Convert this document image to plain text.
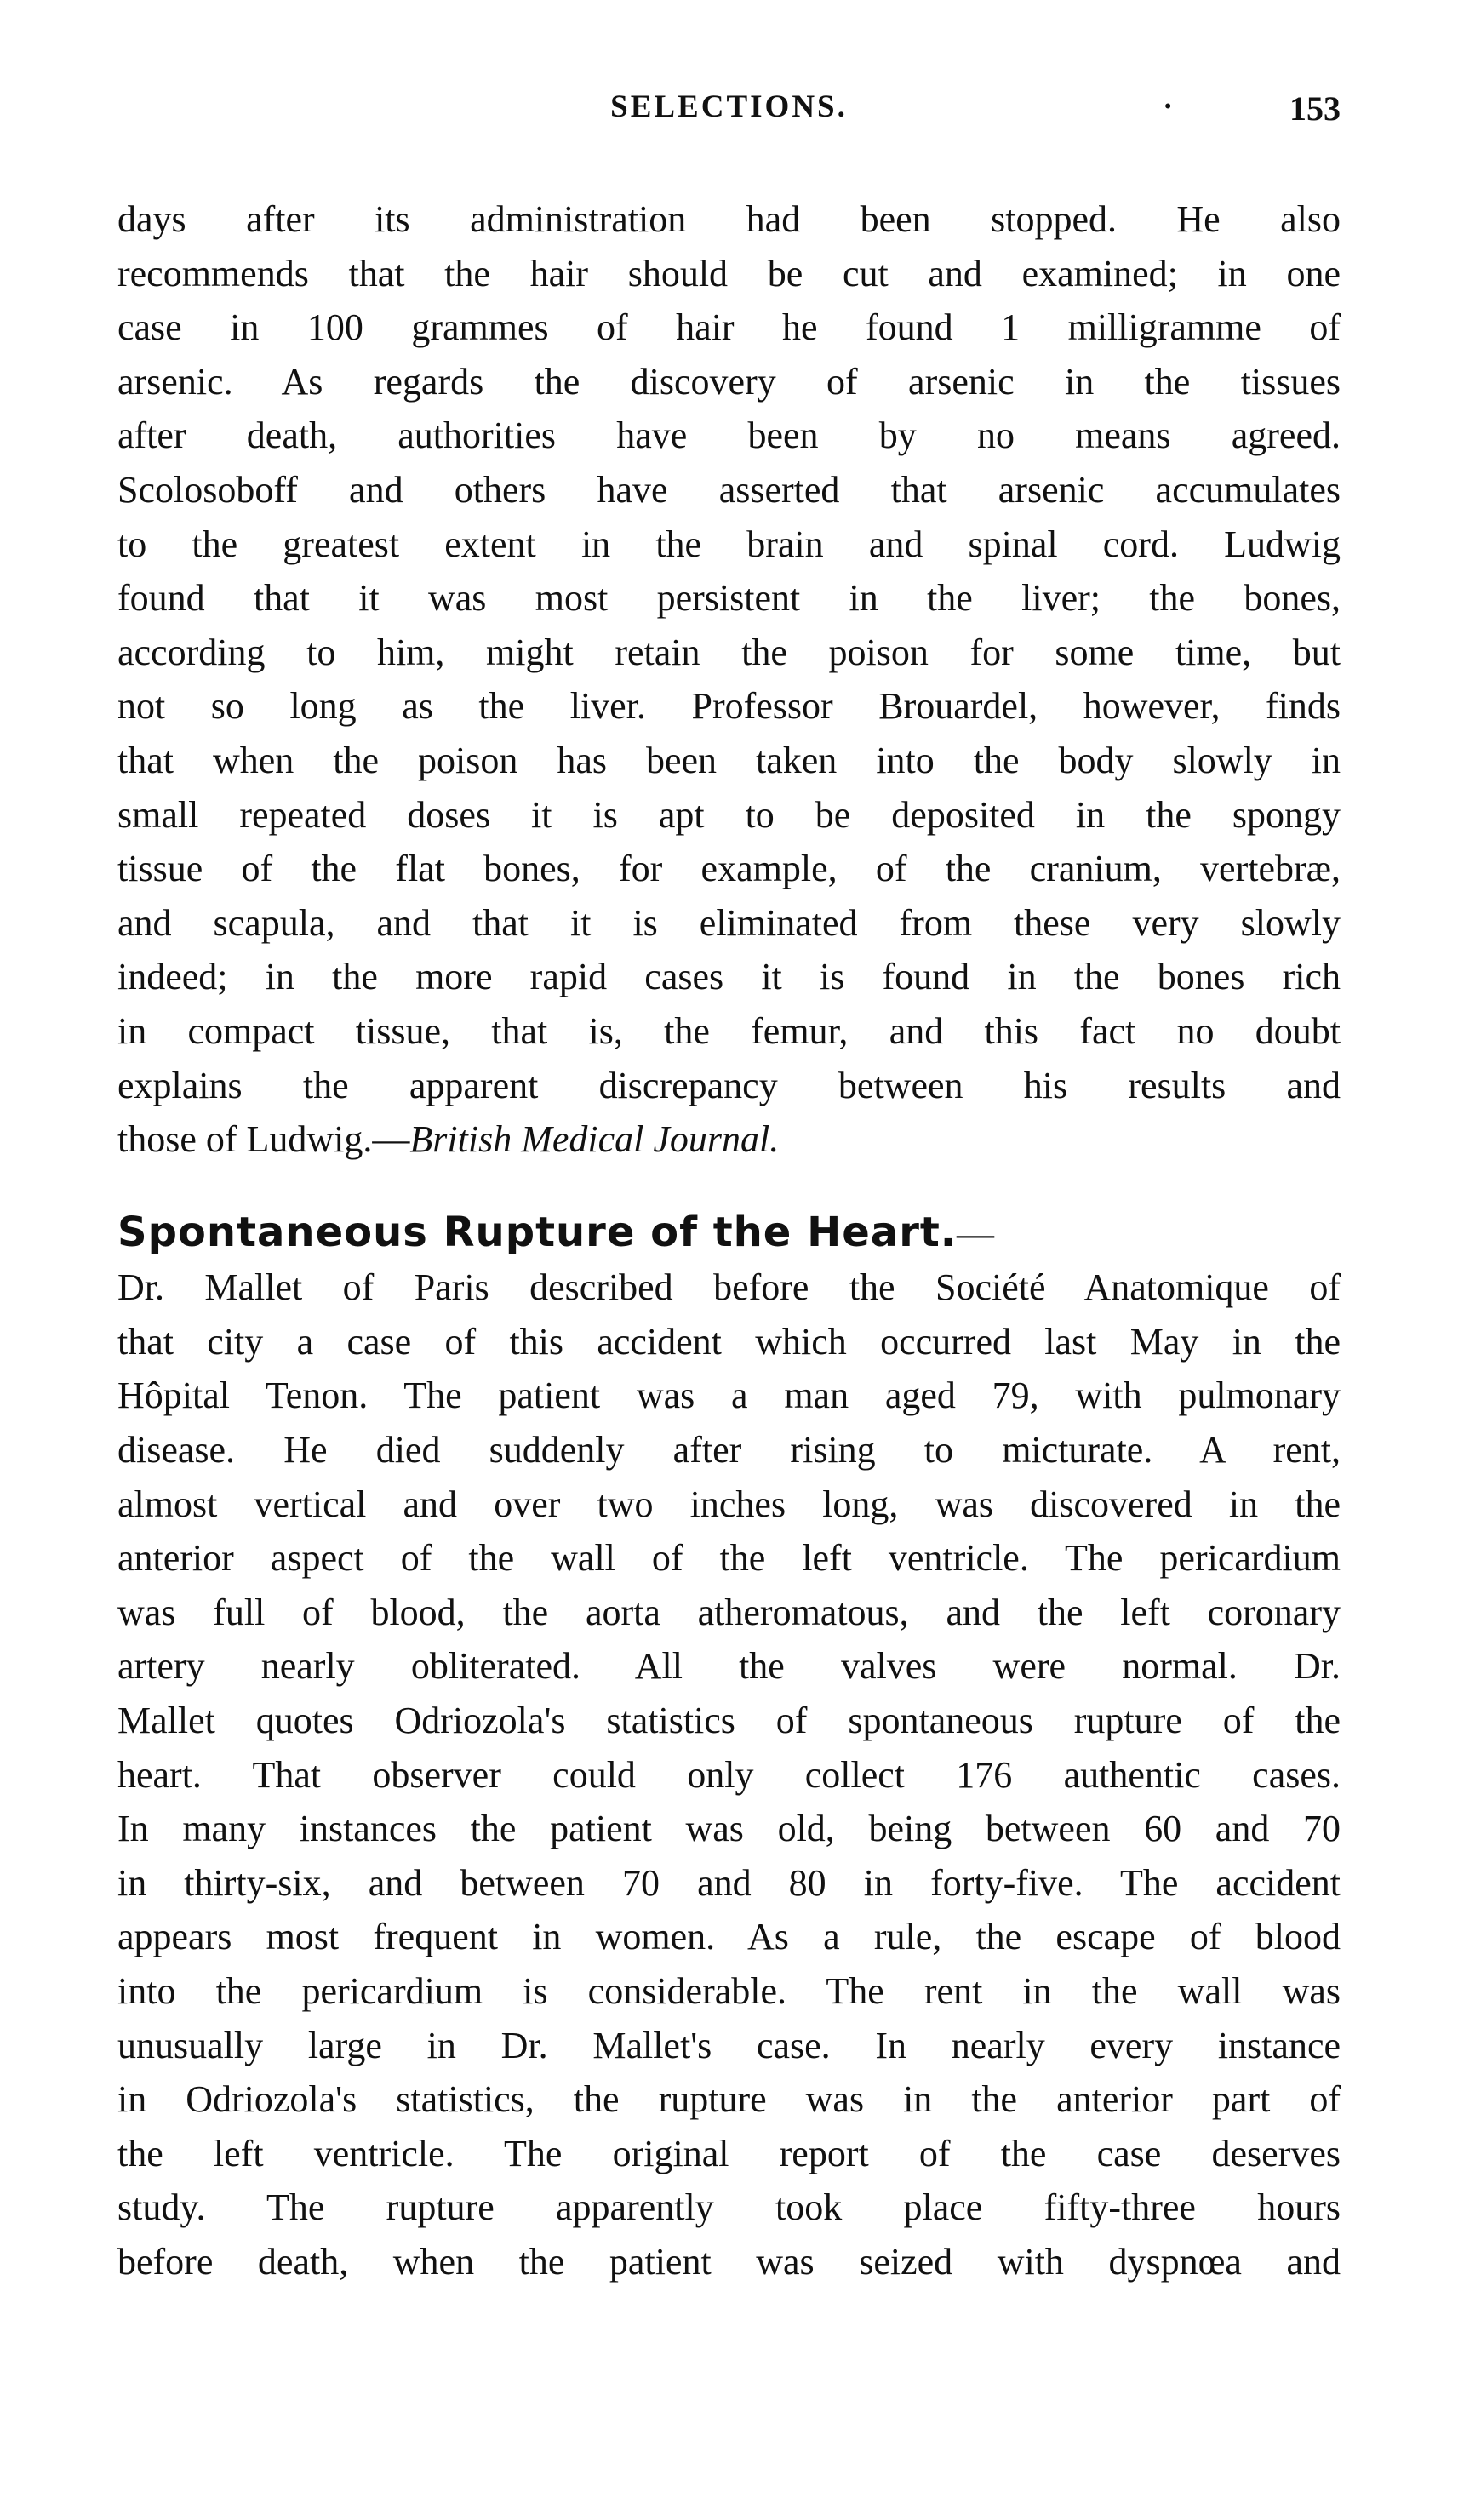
SELECTIONS.	·	153

days after its administration had been stopped. He also
recommends that the hair should be cut and examined; in one
case in 100 grammes of hair he found 1 milligramme of
arsenic. As regards the discovery of arsenic in the tissues
after death, authorities have been by no means agreed.
Scolosoboff and others have asserted that arsenic accumulates
to the greatest extent in the brain and spinal cord. Ludwig
found that it was most persistent in the liver; the bones,
according to him, might retain the poison for some time, but
not so long as the liver. Professor Brouardel, however, finds
that when the poison has been taken into the body slowly in
small repeated doses it is apt to be deposited in the spongy
tissue of the flat bones, for example, of the cranium, vertebræ,
and scapula, and that it is eliminated from these very slowly
indeed; in the more rapid cases it is found in the bones rich
in compact tissue, that is, the femur, and this fact no doubt
explains the apparent discrepancy between his results and
those of Ludwig.—British Medical Journal.

Spontaneous Rupture of the Heart.—
Dr. Mallet of Paris described before the Société Anatomique of
that city a case of this accident which occurred last May in the
Hôpital Tenon. The patient was a man aged 79, with pulmonary
disease. He died suddenly after rising to micturate. A rent,
almost vertical and over two inches long, was discovered in the
anterior aspect of the wall of the left ventricle. The pericardium
was full of blood, the aorta atheromatous, and the left coronary
artery nearly obliterated. All the valves were normal. Dr.
Mallet quotes Odriozola's statistics of spontaneous rupture of the
heart. That observer could only collect 176 authentic cases.
In many instances the patient was old, being between 60 and 70
in thirty-six, and between 70 and 80 in forty-five. The accident
appears most frequent in women. As a rule, the escape of blood
into the pericardium is considerable. The rent in the wall was
unusually large in Dr. Mallet's case. In nearly every instance
in Odriozola's statistics, the rupture was in the anterior part of
the left ventricle. The original report of the case deserves
study. The rupture apparently took place fifty-three hours
before death, when the patient was seized with dyspnœa and
